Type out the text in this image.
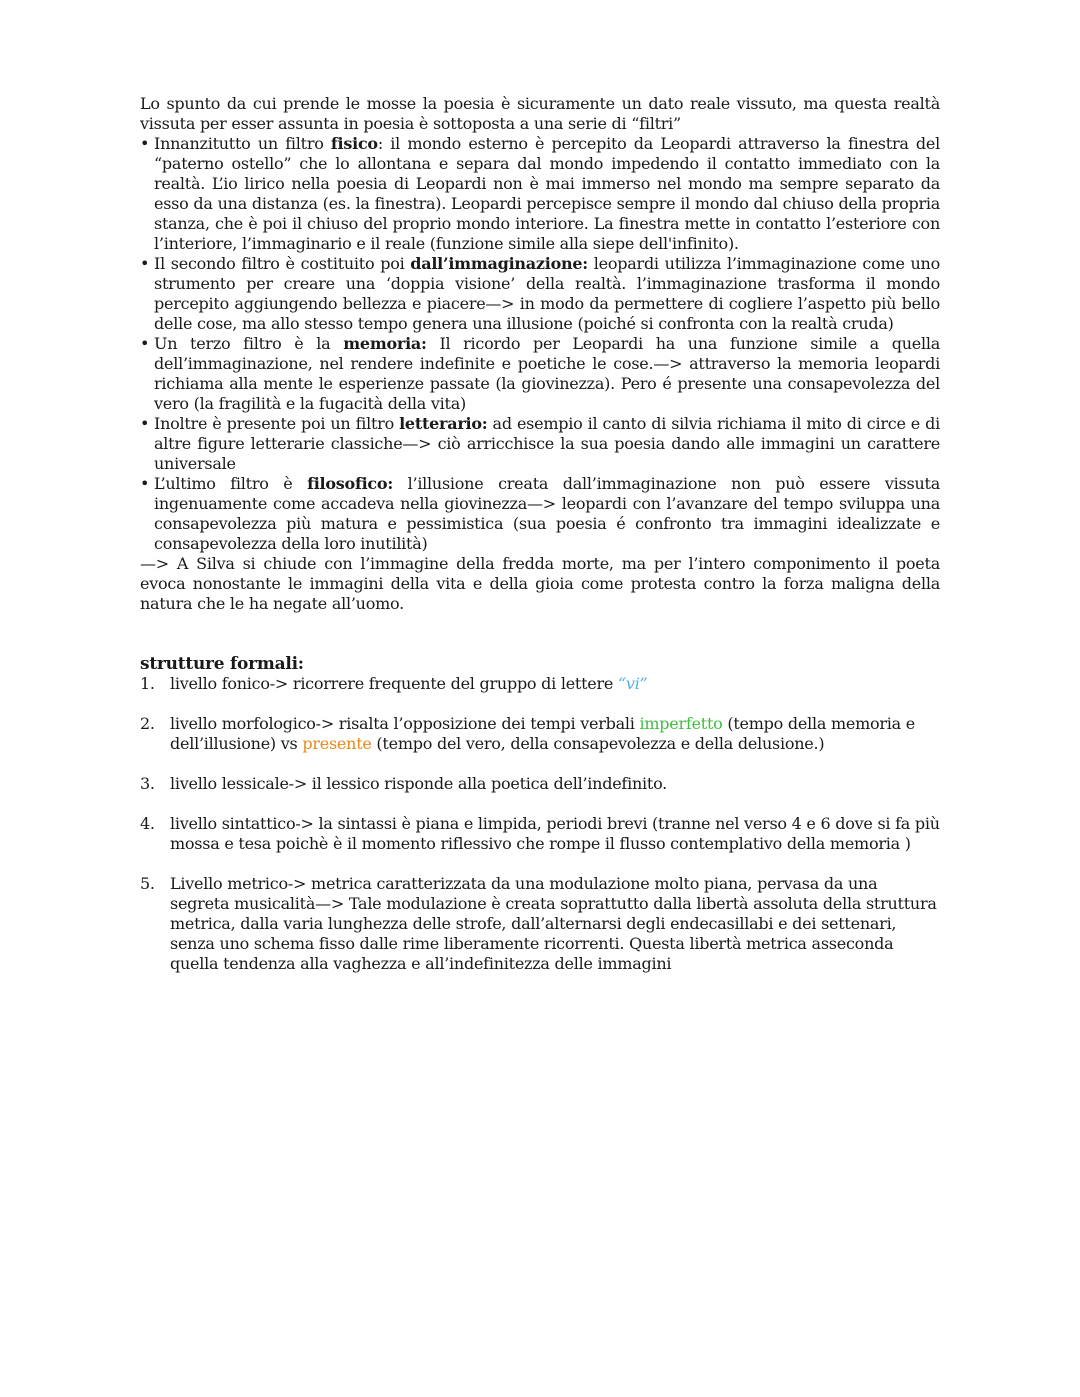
Lo spunto da cui prende le mosse la poesia è sicuramente un dato reale vissuto, ma questa realtà vissuta per esser assunta in poesia è sottoposta a una serie di “filtri”

• Innanzitutto un filtro fisico: il mondo esterno è percepito da Leopardi attraverso la finestra del “paterno ostello” che lo allontana e separa dal mondo impedendo il contatto immediato con la realtà. L’io lirico nella poesia di Leopardi non è mai immerso nel mondo ma sempre separato da esso da una distanza (es. la finestra). Leopardi percepisce sempre il mondo dal chiuso della propria stanza, che è poi il chiuso del proprio mondo interiore. La finestra mette in contatto l’esteriore con l’interiore, l’immaginario e il reale (funzione simile alla siepe dell'infinito).
• Il secondo filtro è costituito poi dall’immaginazione: leopardi utilizza l’immaginazione come uno strumento per creare una ‘doppia visione’ della realtà. l’immaginazione trasforma il mondo percepito aggiungendo bellezza e piacere—> in modo da permettere di cogliere l’aspetto più bello delle cose, ma allo stesso tempo genera una illusione (poiché si confronta con la realtà cruda)
• Un terzo filtro è la memoria: Il ricordo per Leopardi ha una funzione simile a quella dell’immaginazione, nel rendere indefinite e poetiche le cose.—> attraverso la memoria leopardi richiama alla mente le esperienze passate (la giovinezza). Pero é presente una consapevolezza del vero (la fragilità e la fugacità della vita)
• Inoltre è presente poi un filtro letterario: ad esempio il canto di silvia richiama il mito di circe e di altre figure letterarie classiche—> ciò arricchisce la sua poesia dando alle immagini un carattere universale
• L’ultimo filtro è filosofico: l’illusione creata dall’immaginazione non può essere vissuta ingenuamente come accadeva nella giovinezza—> leopardi con l’avanzare del tempo sviluppa una consapevolezza più matura e pessimistica (sua poesia é confronto tra immagini idealizzate e consapevolezza della loro inutilità)

—> A Silva si chiude con l’immagine della fredda morte, ma per l’intero componimento il poeta evoca nonostante le immagini della vita e della gioia come protesta contro la forza maligna della natura che le ha negate all’uomo.

strutture formali:

1. livello fonico-> ricorrere frequente del gruppo di lettere “vi”
2. livello morfologico-> risalta l’opposizione dei tempi verbali imperfetto (tempo della memoria e dell’illusione) vs presente (tempo del vero, della consapevolezza e della delusione.)
3. livello lessicale-> il lessico risponde alla poetica dell’indefinito.
4. livello sintattico-> la sintassi è piana e limpida, periodi brevi (tranne nel verso 4 e 6 dove si fa più mossa e tesa poichè è il momento riflessivo che rompe il flusso contemplativo della memoria )
5. Livello metrico-> metrica caratterizzata da una modulazione molto piana, pervasa da una segreta musicalità—> Tale modulazione è creata soprattutto dalla libertà assoluta della struttura metrica, dalla varia lunghezza delle strofe, dall’alternarsi degli endecasillabi e dei settenari, senza uno schema fisso dalle rime liberamente ricorrenti. Questa libertà metrica asseconda quella tendenza alla vaghezza e all’indefinitezza delle immagini
